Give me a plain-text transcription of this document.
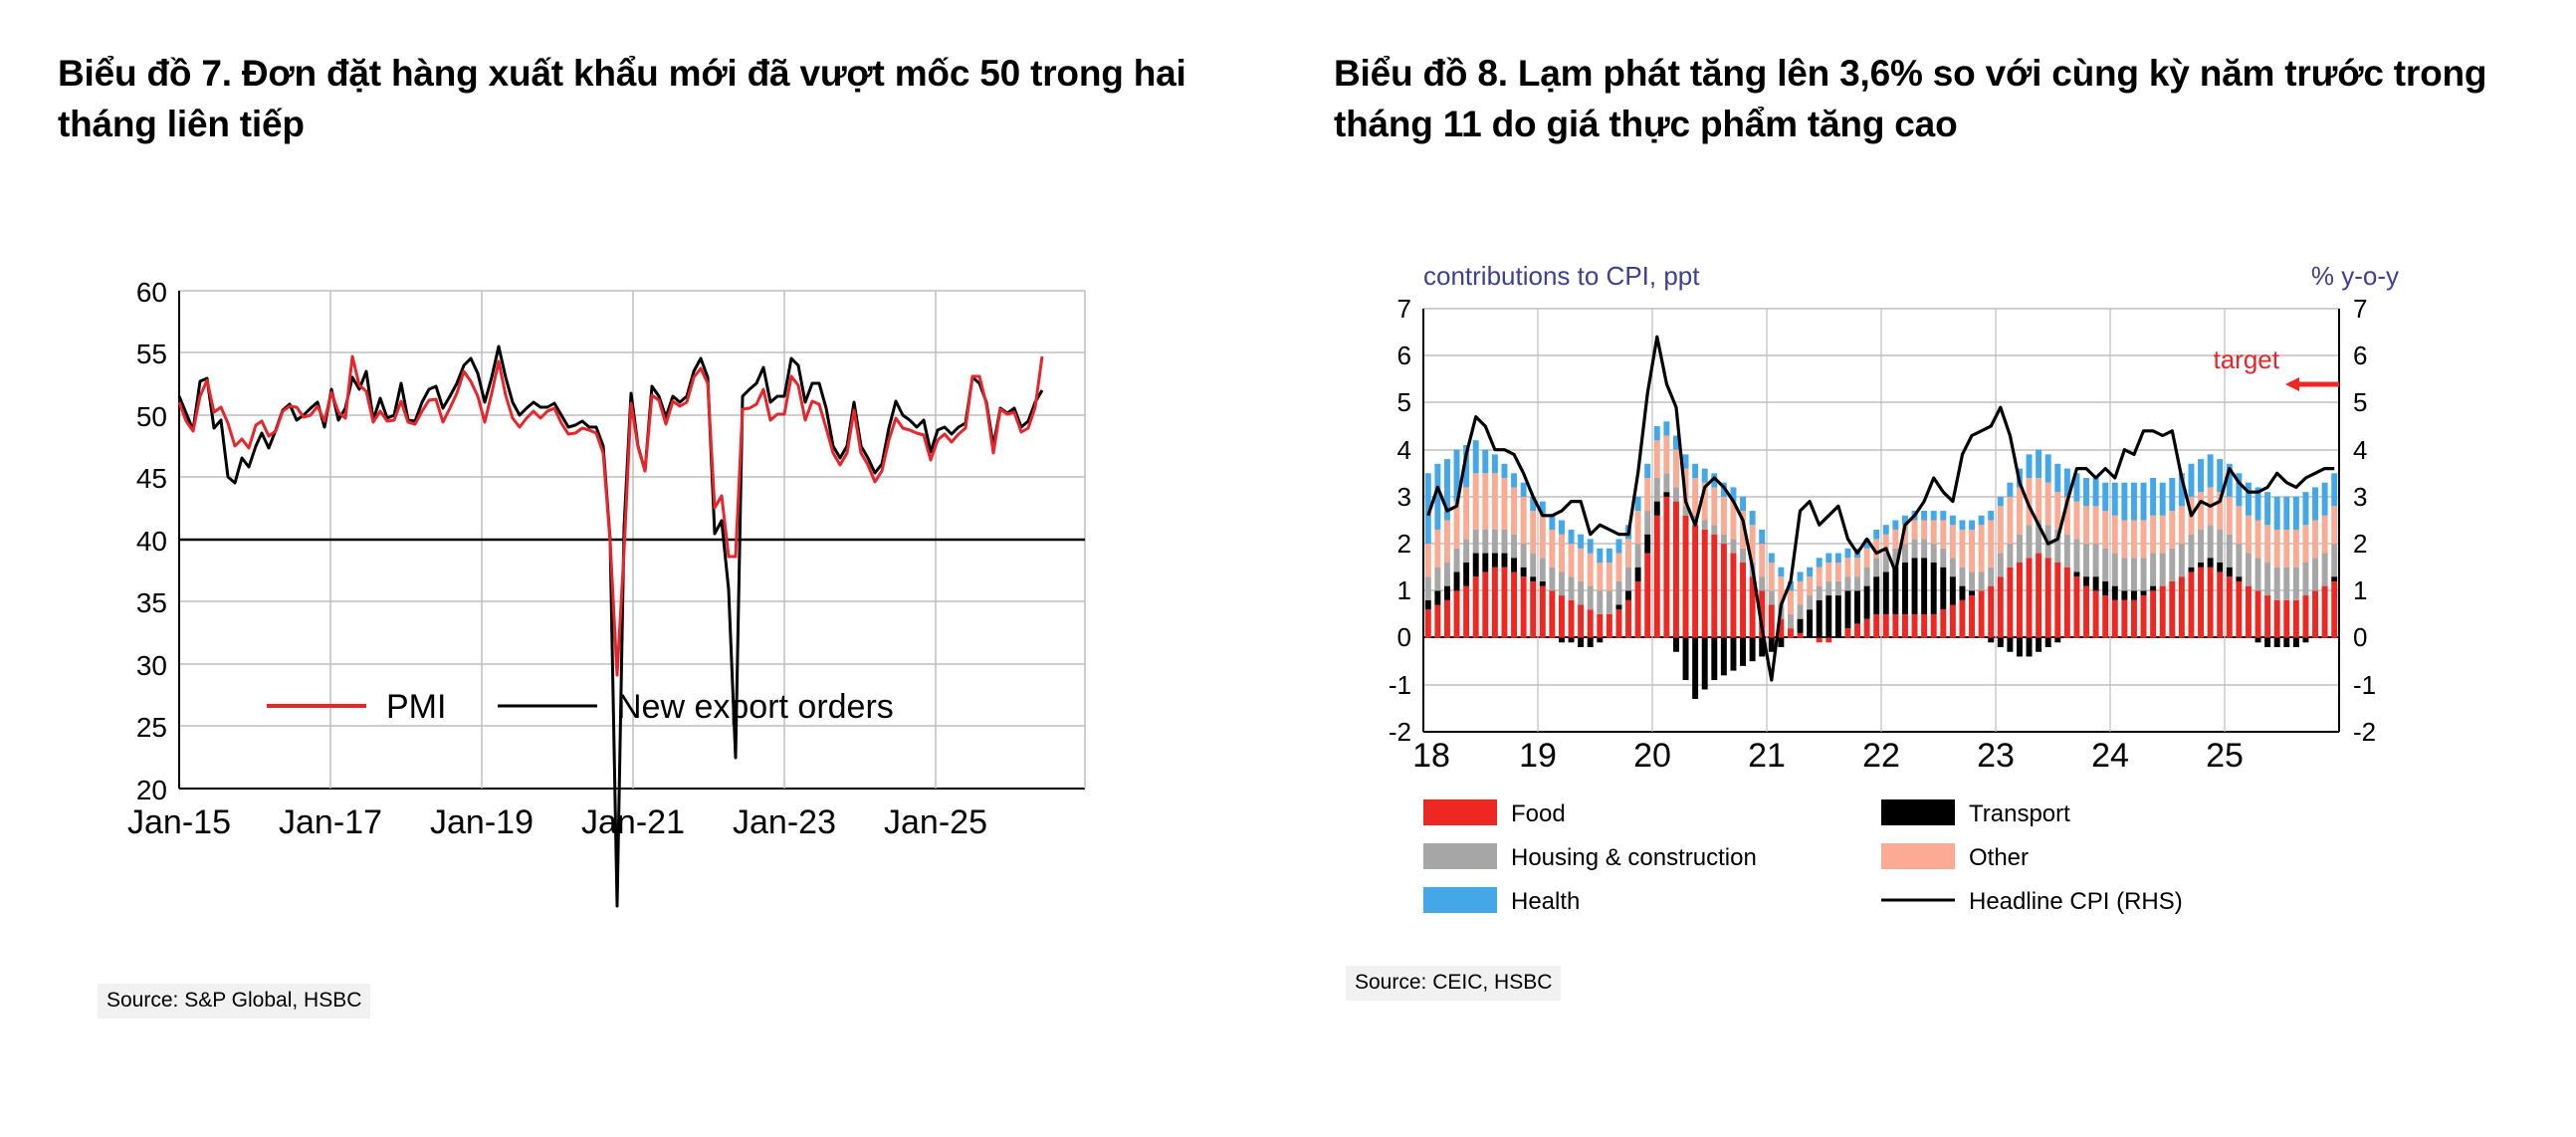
Biểu đồ 7. Đơn đặt hàng xuất khẩu mới đã vượt mốc 50 trong hai tháng liên tiếp
60
55
50
45
40
35
30
25
20
PMI	New export orders
Jan-15 Jan-17 Jan-19 Jan-21 Jan-23 Jan-25
Source: S&P Global, HSBC
Biểu đồ 8. Lạm phát tăng lên 3,6% so với cùng kỳ năm trước trong tháng 11 do giá thực phẩm tăng cao
contributions to CPI, ppt	% y-o-y
target
7
6
5
4
3
2
1
0
-1
-2
7
6
5
4
3
2
1
0
-1
-2
18 19 20 21 22 23 24 25
Food	Transport
Housing & construction	Other
Health	Headline CPI (RHS)
Source: CEIC, HSBC
